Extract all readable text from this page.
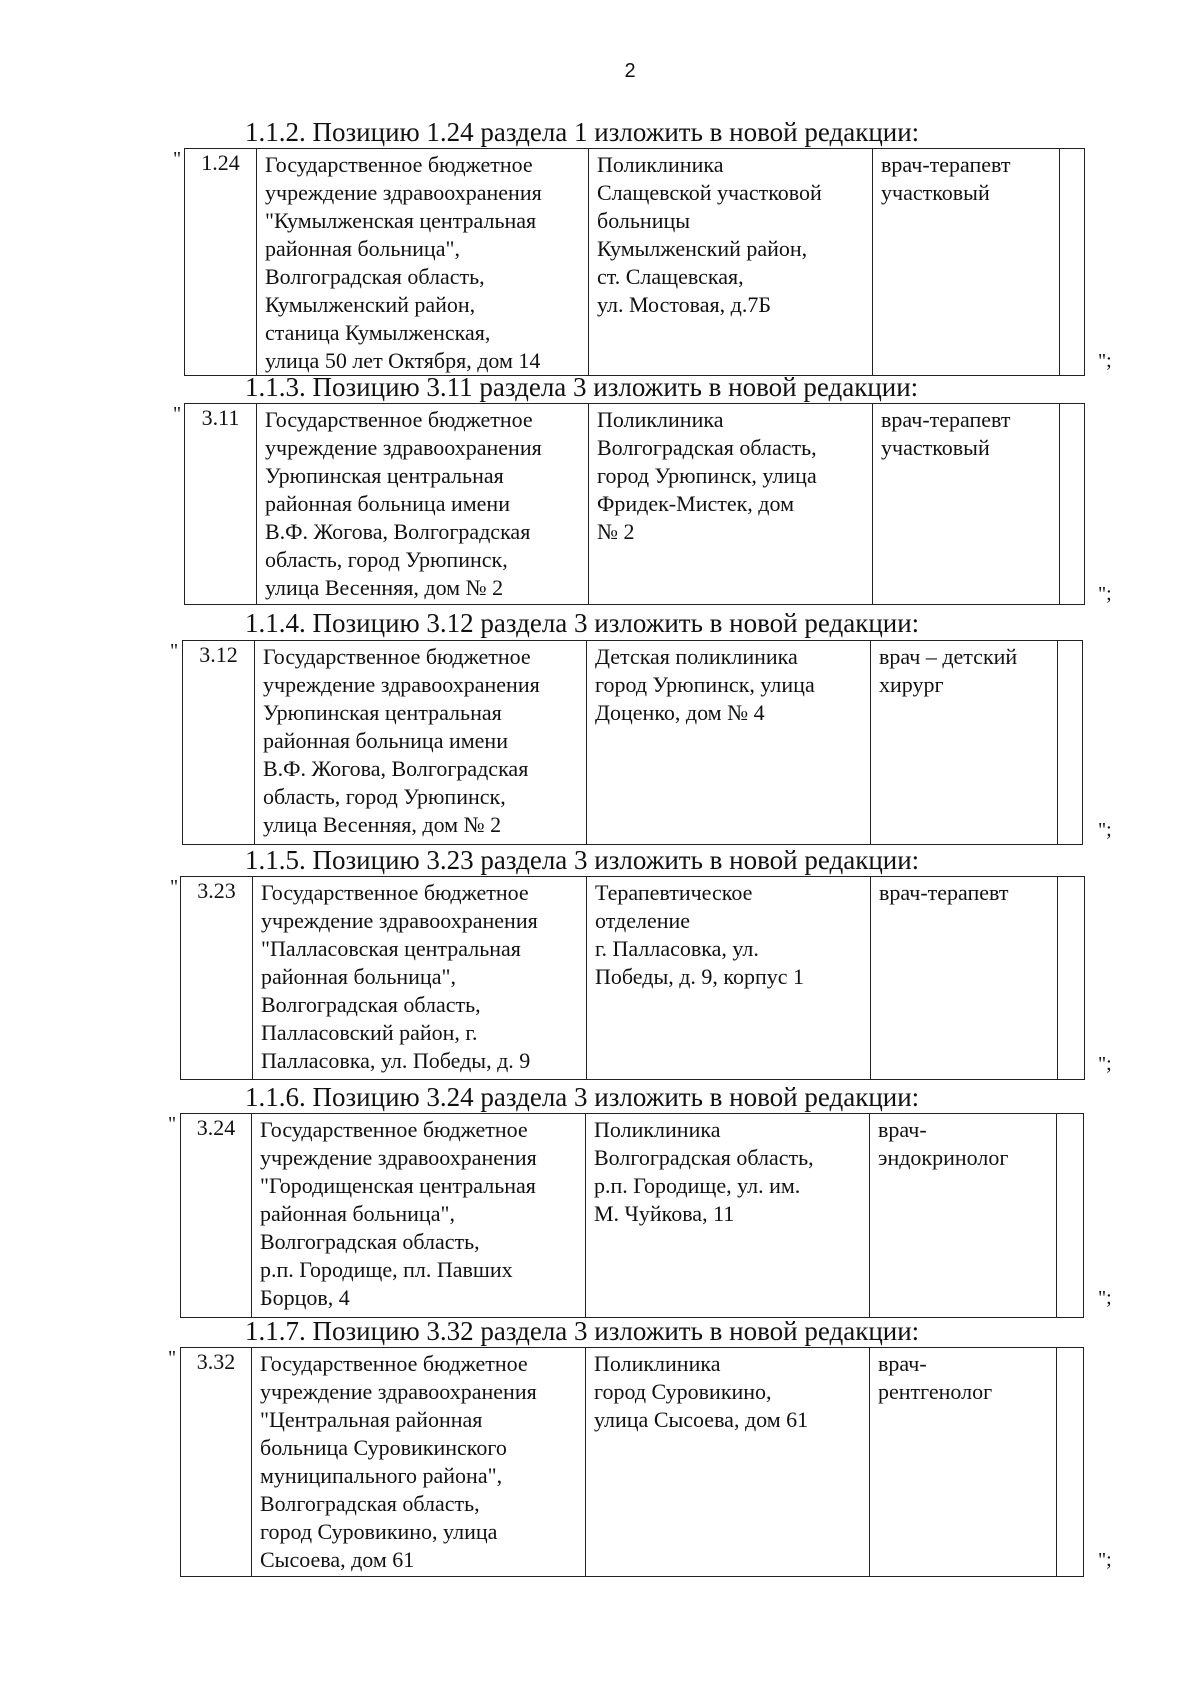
2
1.1.2. Позицию 1.24 раздела 1 изложить в новой редакции:
" 1.24	Государственное бюджетное
учреждение здравоохранения
"Кумылженская центральная
районная больница",
Волгоградская область,
Кумылженский район,
станица Кумылженская,
улица 50 лет Октября, дом 14	Поликлиника
Слащевской участковой
больницы
Кумылженский район,
ст. Слащевская,
ул. Мостовая, д.7Б	врач-терапевт
участковый	
";
1.1.3. Позицию 3.11 раздела 3 изложить в новой редакции:
" 3.11	Государственное бюджетное
учреждение здравоохранения
Урюпинская центральная
районная больница имени
В.Ф. Жогова, Волгоградская
область, город Урюпинск,
улица Весенняя, дом № 2	Поликлиника
Волгоградская область,
город Урюпинск, улица
Фридек-Мистек, дом
№ 2	врач-терапевт
участковый	
";
1.1.4. Позицию 3.12 раздела 3 изложить в новой редакции:
" 3.12	Государственное бюджетное
учреждение здравоохранения
Урюпинская центральная
районная больница имени
В.Ф. Жогова, Волгоградская
область, город Урюпинск,
улица Весенняя, дом № 2	Детская поликлиника
город Урюпинск, улица
Доценко, дом № 4	врач – детский
хирург	
";
1.1.5. Позицию 3.23 раздела 3 изложить в новой редакции:
" 3.23	Государственное бюджетное
учреждение здравоохранения
"Палласовская центральная
районная больница",
Волгоградская область,
Палласовский район, г.
Палласовка, ул. Победы, д. 9	Терапевтическое
отделение
г. Палласовка, ул.
Победы, д. 9, корпус 1	врач-терапевт	
";
1.1.6. Позицию 3.24 раздела 3 изложить в новой редакции:
" 3.24	Государственное бюджетное
учреждение здравоохранения
"Городищенская центральная
районная больница",
Волгоградская область,
р.п. Городище, пл. Павших
Борцов, 4	Поликлиника
Волгоградская область,
р.п. Городище, ул. им.
М. Чуйкова, 11	врач-
эндокринолог	
";
1.1.7. Позицию 3.32 раздела 3 изложить в новой редакции:
" 3.32	Государственное бюджетное
учреждение здравоохранения
"Центральная районная
больница Суровикинского
муниципального района",
Волгоградская область,
город Суровикино, улица
Сысоева, дом 61	Поликлиника
город Суровикино,
улица Сысоева, дом 61	врач-
рентгенолог	
";
